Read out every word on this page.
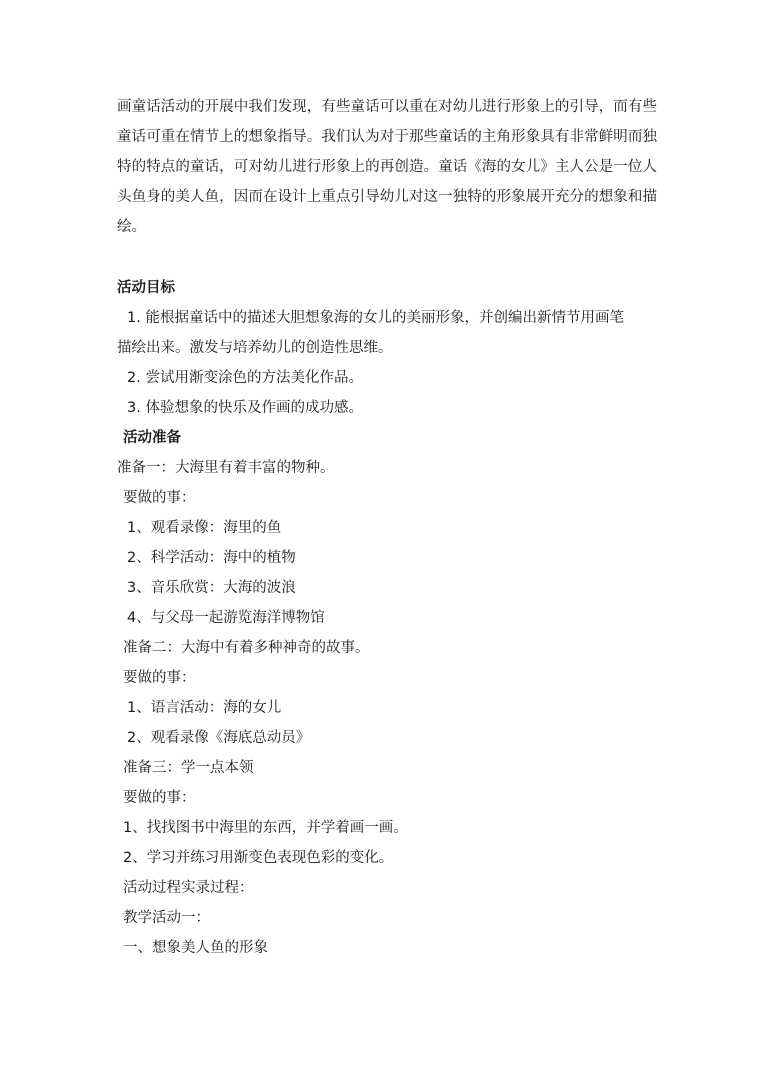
画童话活动的开展中我们发现，有些童话可以重在对幼儿进行形象上的引导，而有些童话可重在情节上的想象指导。我们认为对于那些童话的主角形象具有非常鲜明而独特的特点的童话，可对幼儿进行形象上的再创造。童话《海的女儿》主人公是一位人头鱼身的美人鱼，因而在设计上重点引导幼儿对这一独特的形象展开充分的想象和描绘。

活动目标
1. 能根据童话中的描述大胆想象海的女儿的美丽形象，并创编出新情节用画笔
描绘出来。激发与培养幼儿的创造性思维。
2. 尝试用渐变涂色的方法美化作品。
3. 体验想象的快乐及作画的成功感。
活动准备
准备一：大海里有着丰富的物种。
要做的事：
1、观看录像：海里的鱼
2、科学活动：海中的植物
3、音乐欣赏：大海的波浪
4、与父母一起游览海洋博物馆
准备二：大海中有着多种神奇的故事。
要做的事：
1、语言活动：海的女儿
2、观看录像《海底总动员》
准备三：学一点本领
要做的事：
1、找找图书中海里的东西，并学着画一画。
2、学习并练习用渐变色表现色彩的变化。
活动过程实录过程：
教学活动一：
一、想象美人鱼的形象
